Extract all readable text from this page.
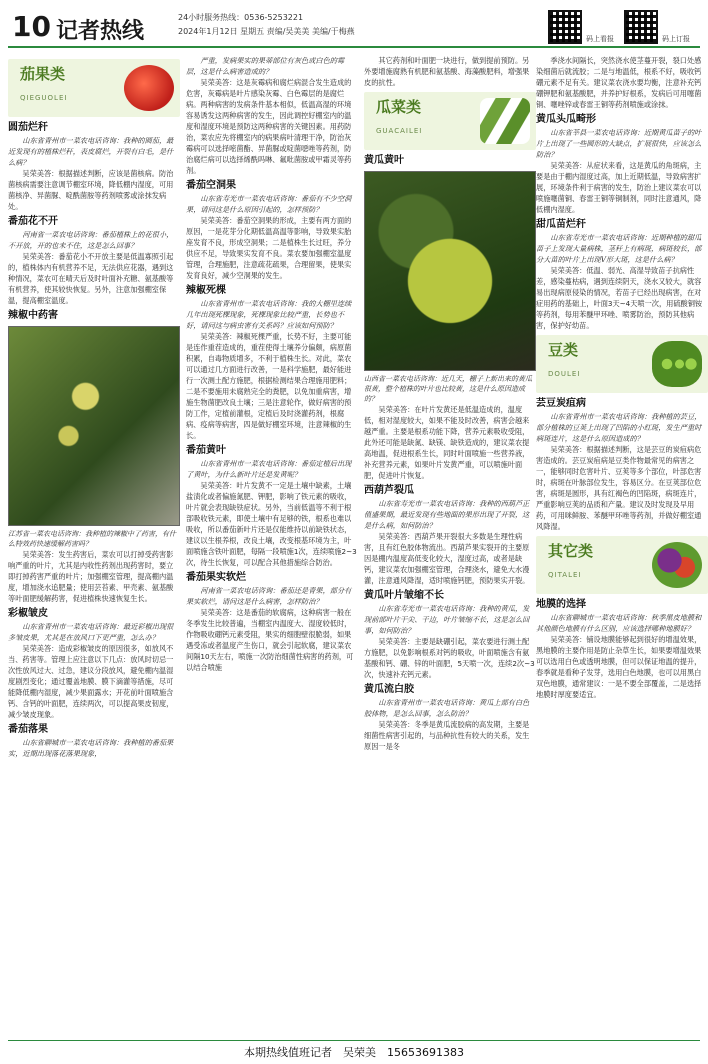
10 记者热线
24小时服务热线：0536-5253221
2024年1月12日 星期五 责编/吴美美 美编/于梅燕
码上看报	码上订报
茄果类
QIEGUOLEI
圆茄烂秆
山东省青州市一菜农电话咨询：我种的圆茄，最近发现有的植株烂秆，表皮腐烂，开裂有白毛，是什么病？
吴荣美答：根据描述判断，应该是菌核病。防治菌核病需要注意调节棚室环境，降低棚内湿度，可用菌核净、异菌脲、啶酰菌胺等药剂喷雾或涂抹发病处。
番茄花不开
河南省一菜农电话咨询：番茄植株上的花很小，不开放，开的也未不住，这是怎么回事？
吴荣美答：番茄花小不开放主要是低温寡照引起的，植株体内有机营养不足，无法供应花器，遇到这种情况，菜农可在晴天后及时叶面补充糖、氨基酸等有机营养，使其较快恢复。另外，注意加强棚室保温，提高棚室温度。
辣椒中药害
江苏省一菜农电话咨询：我种植的辣椒中了药害，有什么特效药快速缓解药害吗？
吴荣美答：发生药害后，菜农可以打掉受药害影响严重的叶片，尤其是内收性药剂出现药害时，要立即打掉药害严重的叶片；加强棚室管理，提高棚内温度，增加浇水追肥量；使用芸苔素、甲壳素、氨基酸等叶面肥缓解药害，促进植株快速恢复生长。
彩椒皱皮
山东省青州市一菜农电话咨询：最近彩椒出现很多皱皮果，尤其是在放风口下更严重，怎么办？
吴荣美答：造成彩椒皱皮的原因很多，如放风不当、药害等。管理上应注意以下几点：放风时切忌一次性放风过大、过急，建议分段放风，避免棚内温湿度剧烈变化；通过覆盖地膜、膜下滴灌等措施，尽可能降低棚内湿度，减少果面露水；开花前叶面喷施含钙、含钙的叶面肥，连续两次，可以提高果皮韧度，减少皱皮现象。
番茄落果
山东省聊城市一菜农电话咨询：我种植的番茄果实，近期出现落花落果现象，
严重，发病果实的果蒂部位有灰色或白色的霉层，这是什么病害造成的？
吴荣美答：这是灰霉病和腐烂病混合发生造成的危害，灰霉病是叶片感染灰霉、白色霉层的是腐烂病。两种病害的发病条件基本相似，低温高湿的环境容易诱发这两种病害的发生，因此调控好棚室内的温度和湿度环境是预防这两种病害的关键因素。用药防治，菜农应先将棚室内的病果病叶清理干净，防治灰霉病可以选择嘧菌酯、异菌脲或啶菌噁唑等药剂，防治腐烂病可以选择烯酰吗啉、氟吡菌胺或甲霜灵等药剂。
番茄空洞果
山东省寿光市一菜农电话咨询：番茄有不少空洞果，请问这是什么原因引起的，怎样预防？
吴荣美答：番茄空洞果的形成，主要有两方面的原因，一是花芽分化期低温高温等影响，导致果实胎座发育不良，形成空洞果；二是植株生长过旺，养分供应不足，导致果实发育不良。菜农要加强棚室温度管理，合理施肥，注意疏花疏果，合理留果，使果实发育良好，减少空洞果的发生。
辣椒死棵
山东省青州市一菜农电话咨询：我的大棚里连续几年出现死棵现象，死棵现象比较严重，长势也不好，请问这与病虫害有关系吗？应该如何预防？
吴荣美答：辣椒死棵严重，长势不好，主要可能是连作重茬造成的，重茬使得土壤养分偏颇，病原菌积累，自毒物质增多，不利于植株生长。对此，菜农可以通过几方面进行改善，一是科学施肥，最好能进行一次测土配方施肥，根据检测结果合理施用肥料；二是不要施用未腐熟完全的粪肥，以免加重病害，增施生物菌肥改良土壤；三是注意轮作，做好病害的预防工作，定植前灌根，定植后及时浇灌药剂，根腐病、疫病等病害，四是做好棚室环境，注意辣椒的生长。
番茄黄叶
山东省青州市一菜农电话咨询：番茄定植后出现了黄叶，为什么新叶片还是发黄呢？
吴荣美答：叶片发黄不一定是土壤中缺素，土壤盐渍化或者偏施氮肥、钾肥，影响了铁元素的吸收，叶片就会表现缺铁症状。另外，当前低温等不利于根部吸收铁元素，即使土壤中有足够的铁，根系也难以吸收，所以番茄新叶片还是仅能维持以前缺铁状态，建议以生根养根，改良土壤，改变根基环境为主，叶面喷施含铁叶面肥，每隔一段喷施1次，连续喷施2~3次，待生长恢复，可以配合其他措施综合防治。
番茄果实软烂
河南省一菜农电话咨询：番茄还是青果，部分有果实软烂，请问这是什么病害，怎样防治？
吴荣美答：这是番茄的软腐病，这种病害一般在冬季发生比较普遍，当棚室内温度大、湿度较低时，作物吸收硼钙元素受阻，果实的细胞壁很脆弱，如果遇受冻或者温度产生伤口，就会引起软腐，建议菜农间隔10天左右，喷施一次防治细菌性病害的药剂，可以结合喷施
其它药剂和叶面肥一块进行，做到提前预防。另外要增施腐熟有机肥和氨基酸、海藻酸肥料，增强果皮的抗性。
瓜菜类
GUACAILEI
黄瓜黄叶
山西省一菜农电话咨询：近几天，棚子上新出来的黄瓜很黄，整个植株的叶片也比较黄，这是什么原因造成的？
吴荣美答：在叶片发黄还是低温造成的，温度低，相对湿度较大，如果不能及时改善，病害会越来越严重。主要是根系功能下降，营养元素吸收受阻，此外还可能是缺氮、缺镁、缺铁造成的，建议菜农提高地温，促进根系生长，同时叶面喷施一些营养液，补充营养元素，如果叶片发黄严重，可以喷施叶面肥，促进叶片恢复。
西葫芦裂瓜
山东省寿光市一菜农电话咨询：我种的西葫芦正值盛果期，最近发现有些地面的果形出现了开裂，这是什么病，如何防治？
吴荣美答：西葫芦果开裂很大多数是生理性病害，且有红色胶体物流出。西葫芦果实裂开的主要原因是棚内温度高低变化较大，湿度过高，或者是缺钙，建议菜农加强棚室管理，合理浇水，避免大水漫灌，注意通风降湿，适时喷施钙肥，预防果实开裂。
黄瓜叶片皱缩不长
山东省寿光市一菜农电话咨询：我种的黄瓜，发现前部叶片干尖、干边，叶片皱缩不长，这是怎么回事，如何防治？
吴荣美答：主要是缺硼引起，菜农要进行测土配方施肥，以免影响根系对钙的吸收，叶面喷施含有氨基酸和钙、硼、锌的叶面肥，5天喷一次，连续2次~3次，快速补充钙元素。
黄瓜流白胶
山东省青州市一菜农电话咨询：黄瓜上部有白色胶体物，是怎么回事，怎么防治？
吴荣美答：冬季是黄瓜流胶病的高发期，主要是细菌性病害引起的，与品种抗性有较大的关系，发生原因一是冬
季浇水间隔长，突然浇水使茎蔓开裂，裂口处感染细菌后就流胶；二是与地温低，根系不好，吸收钙硼元素不足有关。建议菜农浇水要均衡，注意补充钙硼钾肥和氨基酸肥，并养护好根系，发病后可用噻菌铜、噻唑锌或春雷王铜等药剂喷施或涂抹。
黄瓜头瓜畸形
山东省莘县一菜农电话咨询：近期黄瓜苗子的叶片上出现了一些圆形的大缺点，扩展很快，应该怎么防治？
吴荣美答：从症状来看，这是黄瓜的角斑病，主要是由于棚内湿度过高，加上近期低温，导致病害扩展，环境条件利于病害的发生，防治上建议菜农可以喷施噻菌铜、春雷王铜等铜制剂，同时注意通风，降低棚内湿度。
甜瓜苗烂秆
山东省寿光市一菜农电话咨询：近期种植的甜瓜苗子上发现大量病株，茎秆上有病斑，病斑较长，部分大苗的叶片上出现V形大斑，这是什么病？
吴荣美答：低温、弱光、高湿导致苗子抗病性差，感染蔓枯病，遇到连续阴天，浇水又较大，就容易出现病原侵染的情况，若苗子已经出现病害，在对症用药的基础上，叶面3天~4天喷一次，用硫酸铜铵等药剂，每用苯醚甲环唑、喷雾防治，预防其他病害，保护好幼苗。
豆类
DOULEI
芸豆炭疽病
山东省青州市一菜农电话咨询：我种植的芸豆，部分植株的豆荚上出现了凹陷的小红斑，发生严重时病斑连片，这是什么原因造成的？
吴荣美答：根据描述判断，这是芸豆的炭疽病危害造成的。芸豆炭疽病是豆类作物最常见的病害之一，能够同时危害叶片、豆荚等多个部位，叶部危害时，病斑在叶脉部位发生，容易区分。在豆荚部位危害，病斑是圆形，具有红褐色的凹陷斑，病斑连片，严重影响豆荚的品质和产量。建议及时发现及早用药，可用咪鲜胺、苯醚甲环唑等药剂，并做好棚室通风降湿。
其它类
QITALEI
地膜的选择
山东省聊城市一菜农电话咨询：秋季黑皮地膜和其他颜色地膜有什么区别，应该选择哪种地膜好？
吴荣美答：铺设地膜能够起到很好的增温效果，黑地膜的主要作用是防止杂草生长，如果要增温效果可以选用白色或透明地膜，但可以保证地温的提升，春季就是看种子发芽，选用白色地膜，也可以用黑白双色地膜，通常建议：一是不要全部覆盖，二是选择地膜时厚度要适宜。
本期热线值班记者　吴荣美　15653691383
